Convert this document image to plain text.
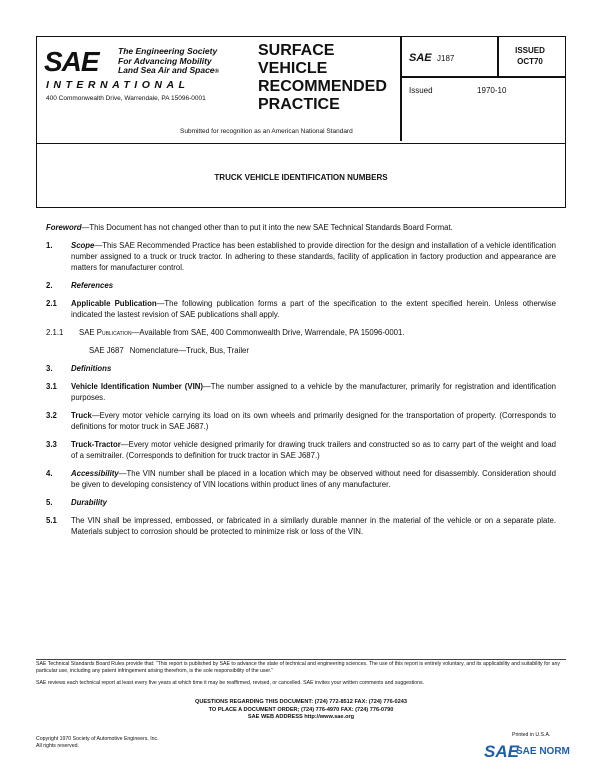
SAE The Engineering Society
For Advancing Mobility
Land Sea Air and Space®
INTERNATIONAL
400 Commonwealth Drive, Warrendale, PA 15096-0001
SURFACE
VEHICLE
RECOMMENDED
PRACTICE
SAE J187
ISSUED
OCT70
Issued	1970-10
Submitted for recognition as an American National Standard
TRUCK VEHICLE IDENTIFICATION NUMBERS

Foreword—This Document has not changed other than to put it into the new SAE Technical Standards Board Format.

1.	Scope—This SAE Recommended Practice has been established to provide direction for the design and installation of a vehicle identification number assigned to a truck or truck tractor. In adhering to these standards, facility of application in factory production and appearance are matters for manufacturer control.
2.	References
2.1	Applicable Publication—The following publication forms a part of the specification to the extent specified herein. Unless otherwise indicated the lastest revision of SAE publications shall apply.
2.1.1	SAE Publication—Available from SAE, 400 Commonwealth Drive, Warrendale, PA 15096-0001.
SAE J687 Nomenclature—Truck, Bus, Trailer
3.	Definitions
3.1	Vehicle Identification Number (VIN)—The number assigned to a vehicle by the manufacturer, primarily for registration and identification purposes.
3.2	Truck—Every motor vehicle carrying its load on its own wheels and primarily designed for the transportation of property. (Corresponds to definitions for motor truck in SAE J687.)
3.3	Truck-Tractor—Every motor vehicle designed primarily for drawing truck trailers and constructed so as to carry part of the weight and load of a semitrailer. (Corresponds to definition for truck tractor in SAE J687.)
4.	Accessibility—The VIN number shall be placed in a location which may be observed without need for disassembly. Consideration should be given to developing consistency of VIN locations within product lines of any manufacturer.
5.	Durability
5.1	The VIN shall be impressed, embossed, or fabricated in a similarly durable manner in the material of the vehicle or on a separate plate. Materials subject to corrosion should be protected to minimize risk or loss of the VIN.
SAE Technical Standards Board Rules provide that: “This report is published by SAE to advance the state of technical and engineering sciences. The use of this report is entirely voluntary, and its applicability and suitability for any particular use, including any patent infringement arising therefrom, is the sole responsibility of the user.”
SAE reviews each technical report at least every five years at which time it may be reaffirmed, revised, or cancelled. SAE invites your written comments and suggestions.
QUESTIONS REGARDING THIS DOCUMENT: (724) 772-8512 FAX: (724) 776-0243
TO PLACE A DOCUMENT ORDER; (724) 776-4970 FAX: (724) 776-0790
SAE WEB ADDRESS http://www.sae.org
Copyright 1970 Society of Automotive Engineers, Inc.
All rights reserved.
Printed in U.S.A.
SAE
SAE NORM
